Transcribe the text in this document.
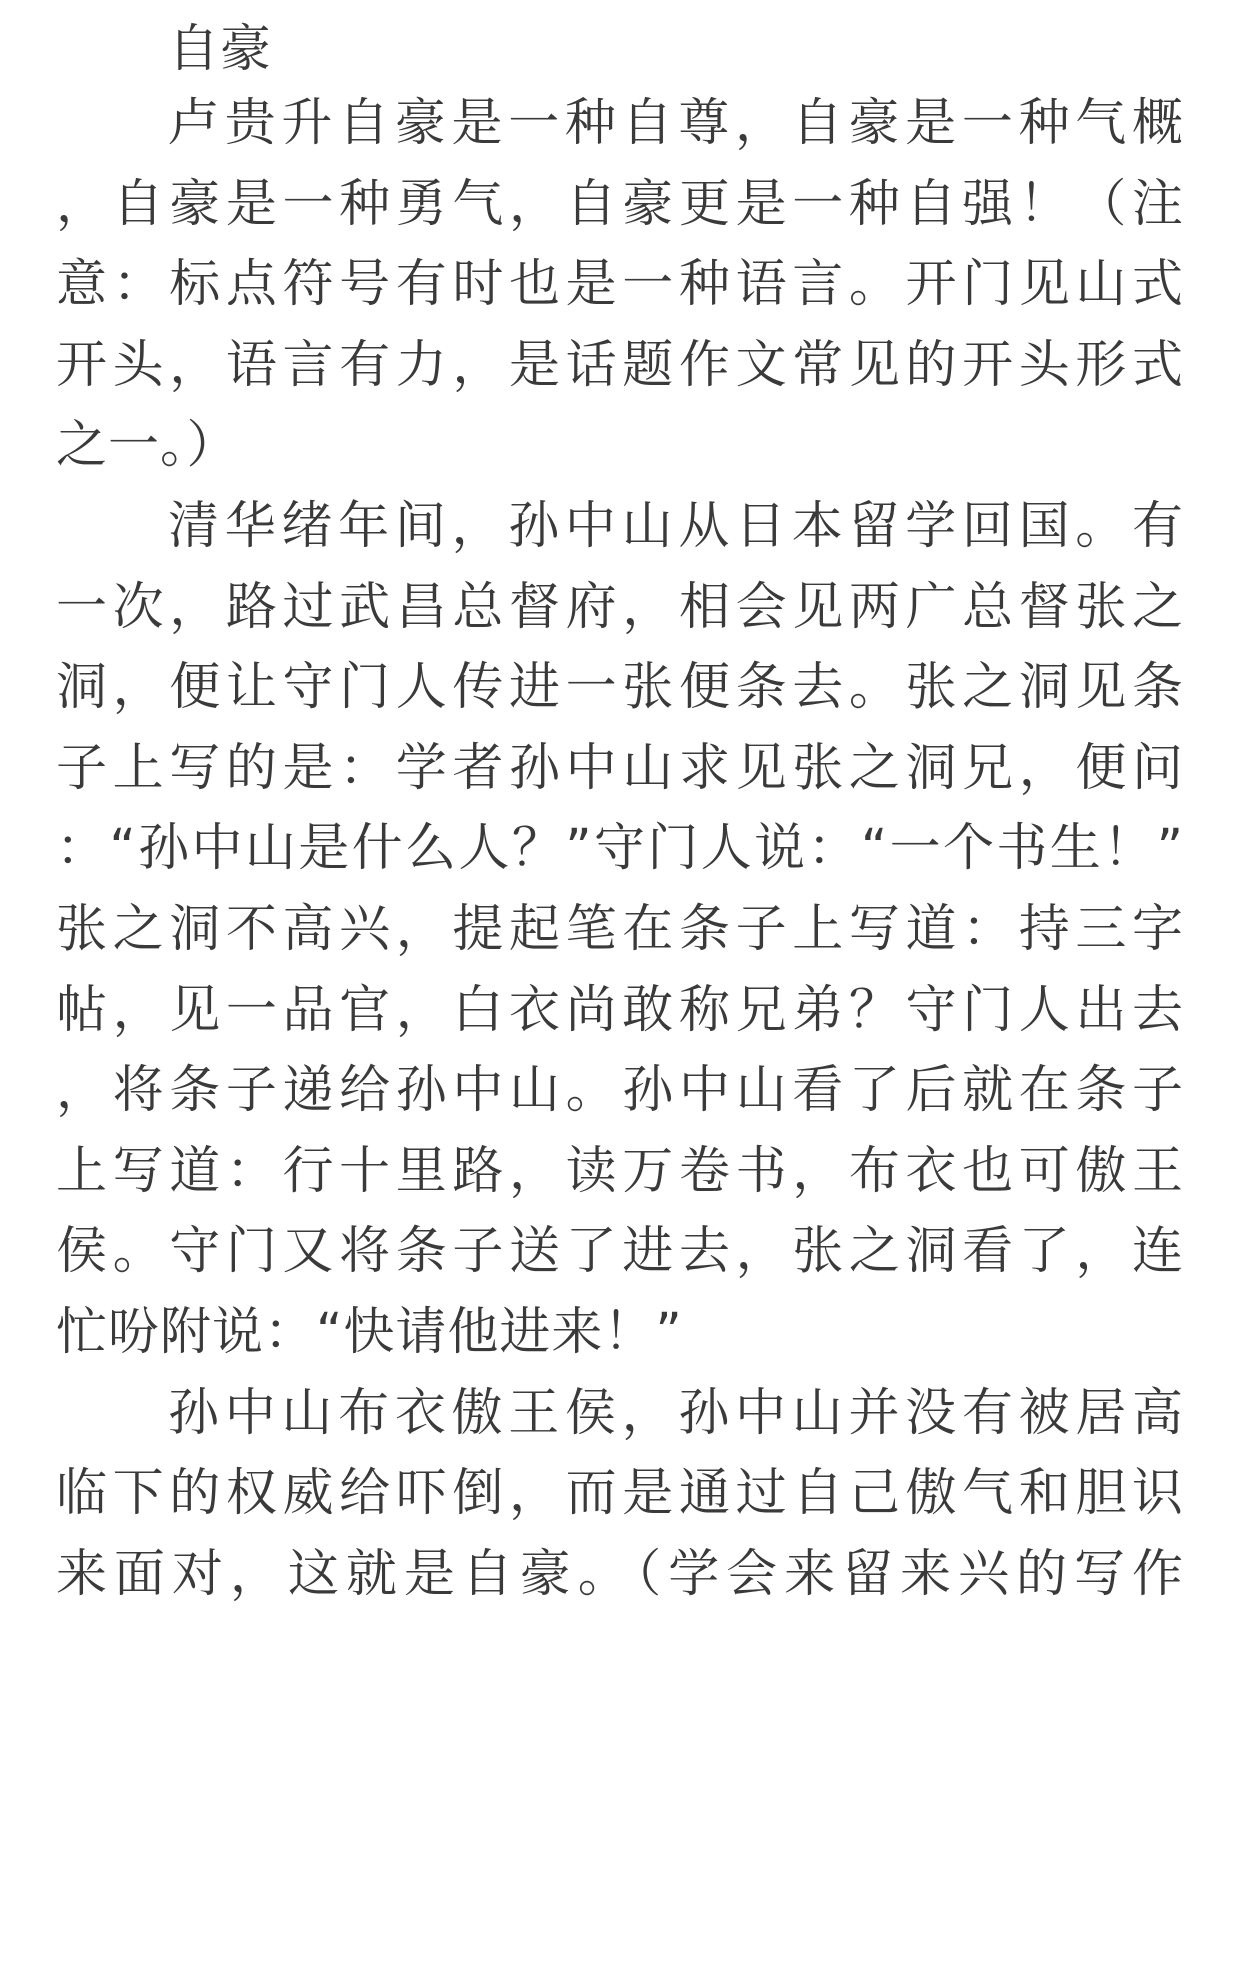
自豪

卢贵升自豪是一种自尊，自豪是一种气概

，自豪是一种勇气，自豪更是一种自强！（注

意：标点符号有时也是一种语言。开门见山式

开头，语言有力，是话题作文常见的开头形式

之一。）

清华绪年间，孙中山从日本留学回国。有

一次，路过武昌总督府，相会见两广总督张之

洞，便让守门人传进一张便条去。张之洞见条

子上写的是：学者孙中山求见张之洞兄，便问

：“孙中山是什么人？”守门人说：“一个书生！”

张之洞不高兴，提起笔在条子上写道：持三字

帖，见一品官，白衣尚敢称兄弟？守门人出去

，将条子递给孙中山。孙中山看了后就在条子

上写道：行十里路，读万卷书，布衣也可傲王

侯。守门又将条子送了进去，张之洞看了，连

忙吩附说：“快请他进来！”

孙中山布衣傲王侯，孙中山并没有被居高

临下的权威给吓倒，而是通过自己傲气和胆识

来面对，这就是自豪。（学会来留来兴的写作
